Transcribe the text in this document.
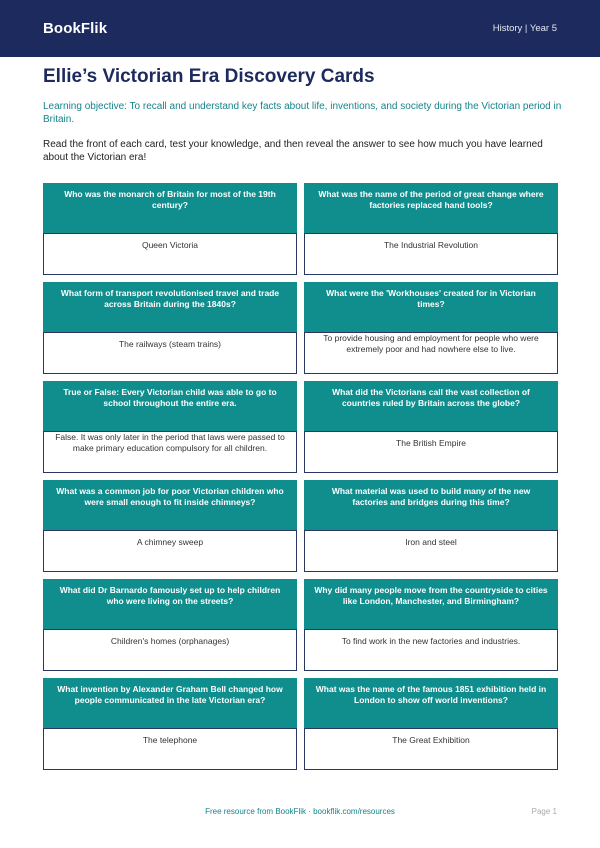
BookFlik	History | Year 5
Ellie’s Victorian Era Discovery Cards

Learning objective: To recall and understand key facts about life, inventions, and society during the Victorian period in Britain.

Read the front of each card, test your knowledge, and then reveal the answer to see how much you have learned about the Victorian era!

Who was the monarch of Britain for most of the 19th century?
Queen Victoria
What was the name of the period of great change where factories replaced hand tools?
The Industrial Revolution
What form of transport revolutionised travel and trade across Britain during the 1840s?
The railways (steam trains)
What were the 'Workhouses' created for in Victorian times?
To provide housing and employment for people who were extremely poor and had nowhere else to live.
True or False: Every Victorian child was able to go to school throughout the entire era.
False. It was only later in the period that laws were passed to make primary education compulsory for all children.
What did the Victorians call the vast collection of countries ruled by Britain across the globe?
The British Empire
What was a common job for poor Victorian children who were small enough to fit inside chimneys?
A chimney sweep
What material was used to build many of the new factories and bridges during this time?
Iron and steel
What did Dr Barnardo famously set up to help children who were living on the streets?
Children's homes (orphanages)
Why did many people move from the countryside to cities like London, Manchester, and Birmingham?
To find work in the new factories and industries.
What invention by Alexander Graham Bell changed how people communicated in the late Victorian era?
The telephone
What was the name of the famous 1851 exhibition held in London to show off world inventions?
The Great Exhibition
Free resource from BookFlik · bookflik.com/resources	Page 1
